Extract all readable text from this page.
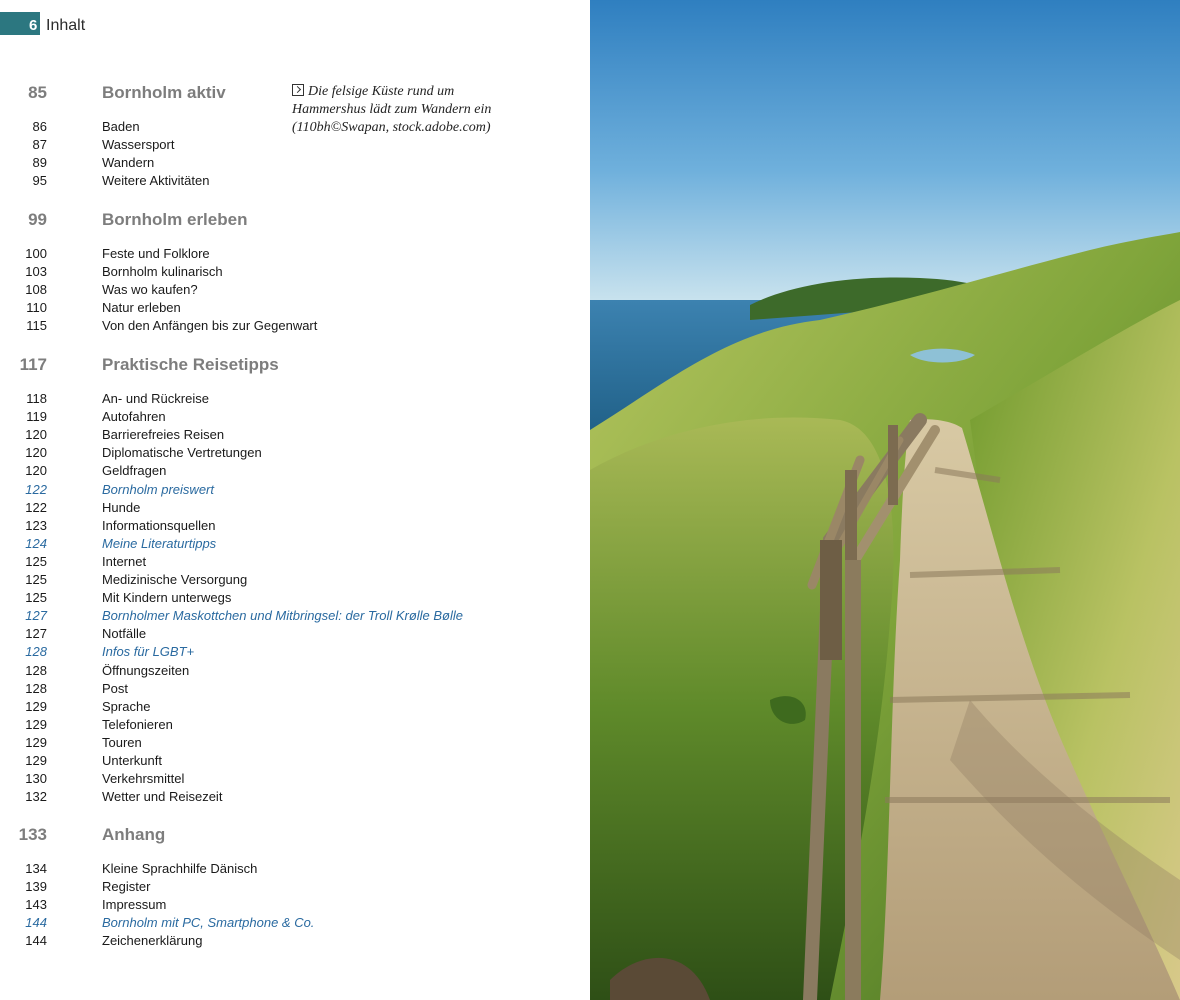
6 Inhalt
Die felsige Küste rund um
Hammershus lädt zum Wandern ein
(110bh©Swapan, stock.adobe.com)
85	Bornholm aktiv
86	Baden
87	Wassersport
89	Wandern
95	Weitere Aktivitäten
99	Bornholm erleben
100	Feste und Folklore
103	Bornholm kulinarisch
108	Was wo kaufen?
110	Natur erleben
115	Von den Anfängen bis zur Gegenwart
117	Praktische Reisetipps
118	An- und Rückreise
119	Autofahren
120	Barrierefreies Reisen
120	Diplomatische Vertretungen
120	Geldfragen
122	Bornholm preiswert
122	Hunde
123	Informationsquellen
124	Meine Literaturtipps
125	Internet
125	Medizinische Versorgung
125	Mit Kindern unterwegs
127	Bornholmer Maskottchen und Mitbringsel: der Troll Krølle Bølle
127	Notfälle
128	Infos für LGBT+
128	Öffnungszeiten
128	Post
129	Sprache
129	Telefonieren
129	Touren
129	Unterkunft
130	Verkehrsmittel
132	Wetter und Reisezeit
133	Anhang
134	Kleine Sprachhilfe Dänisch
139	Register
143	Impressum
144	Bornholm mit PC, Smartphone & Co.
144	Zeichenerklärung
